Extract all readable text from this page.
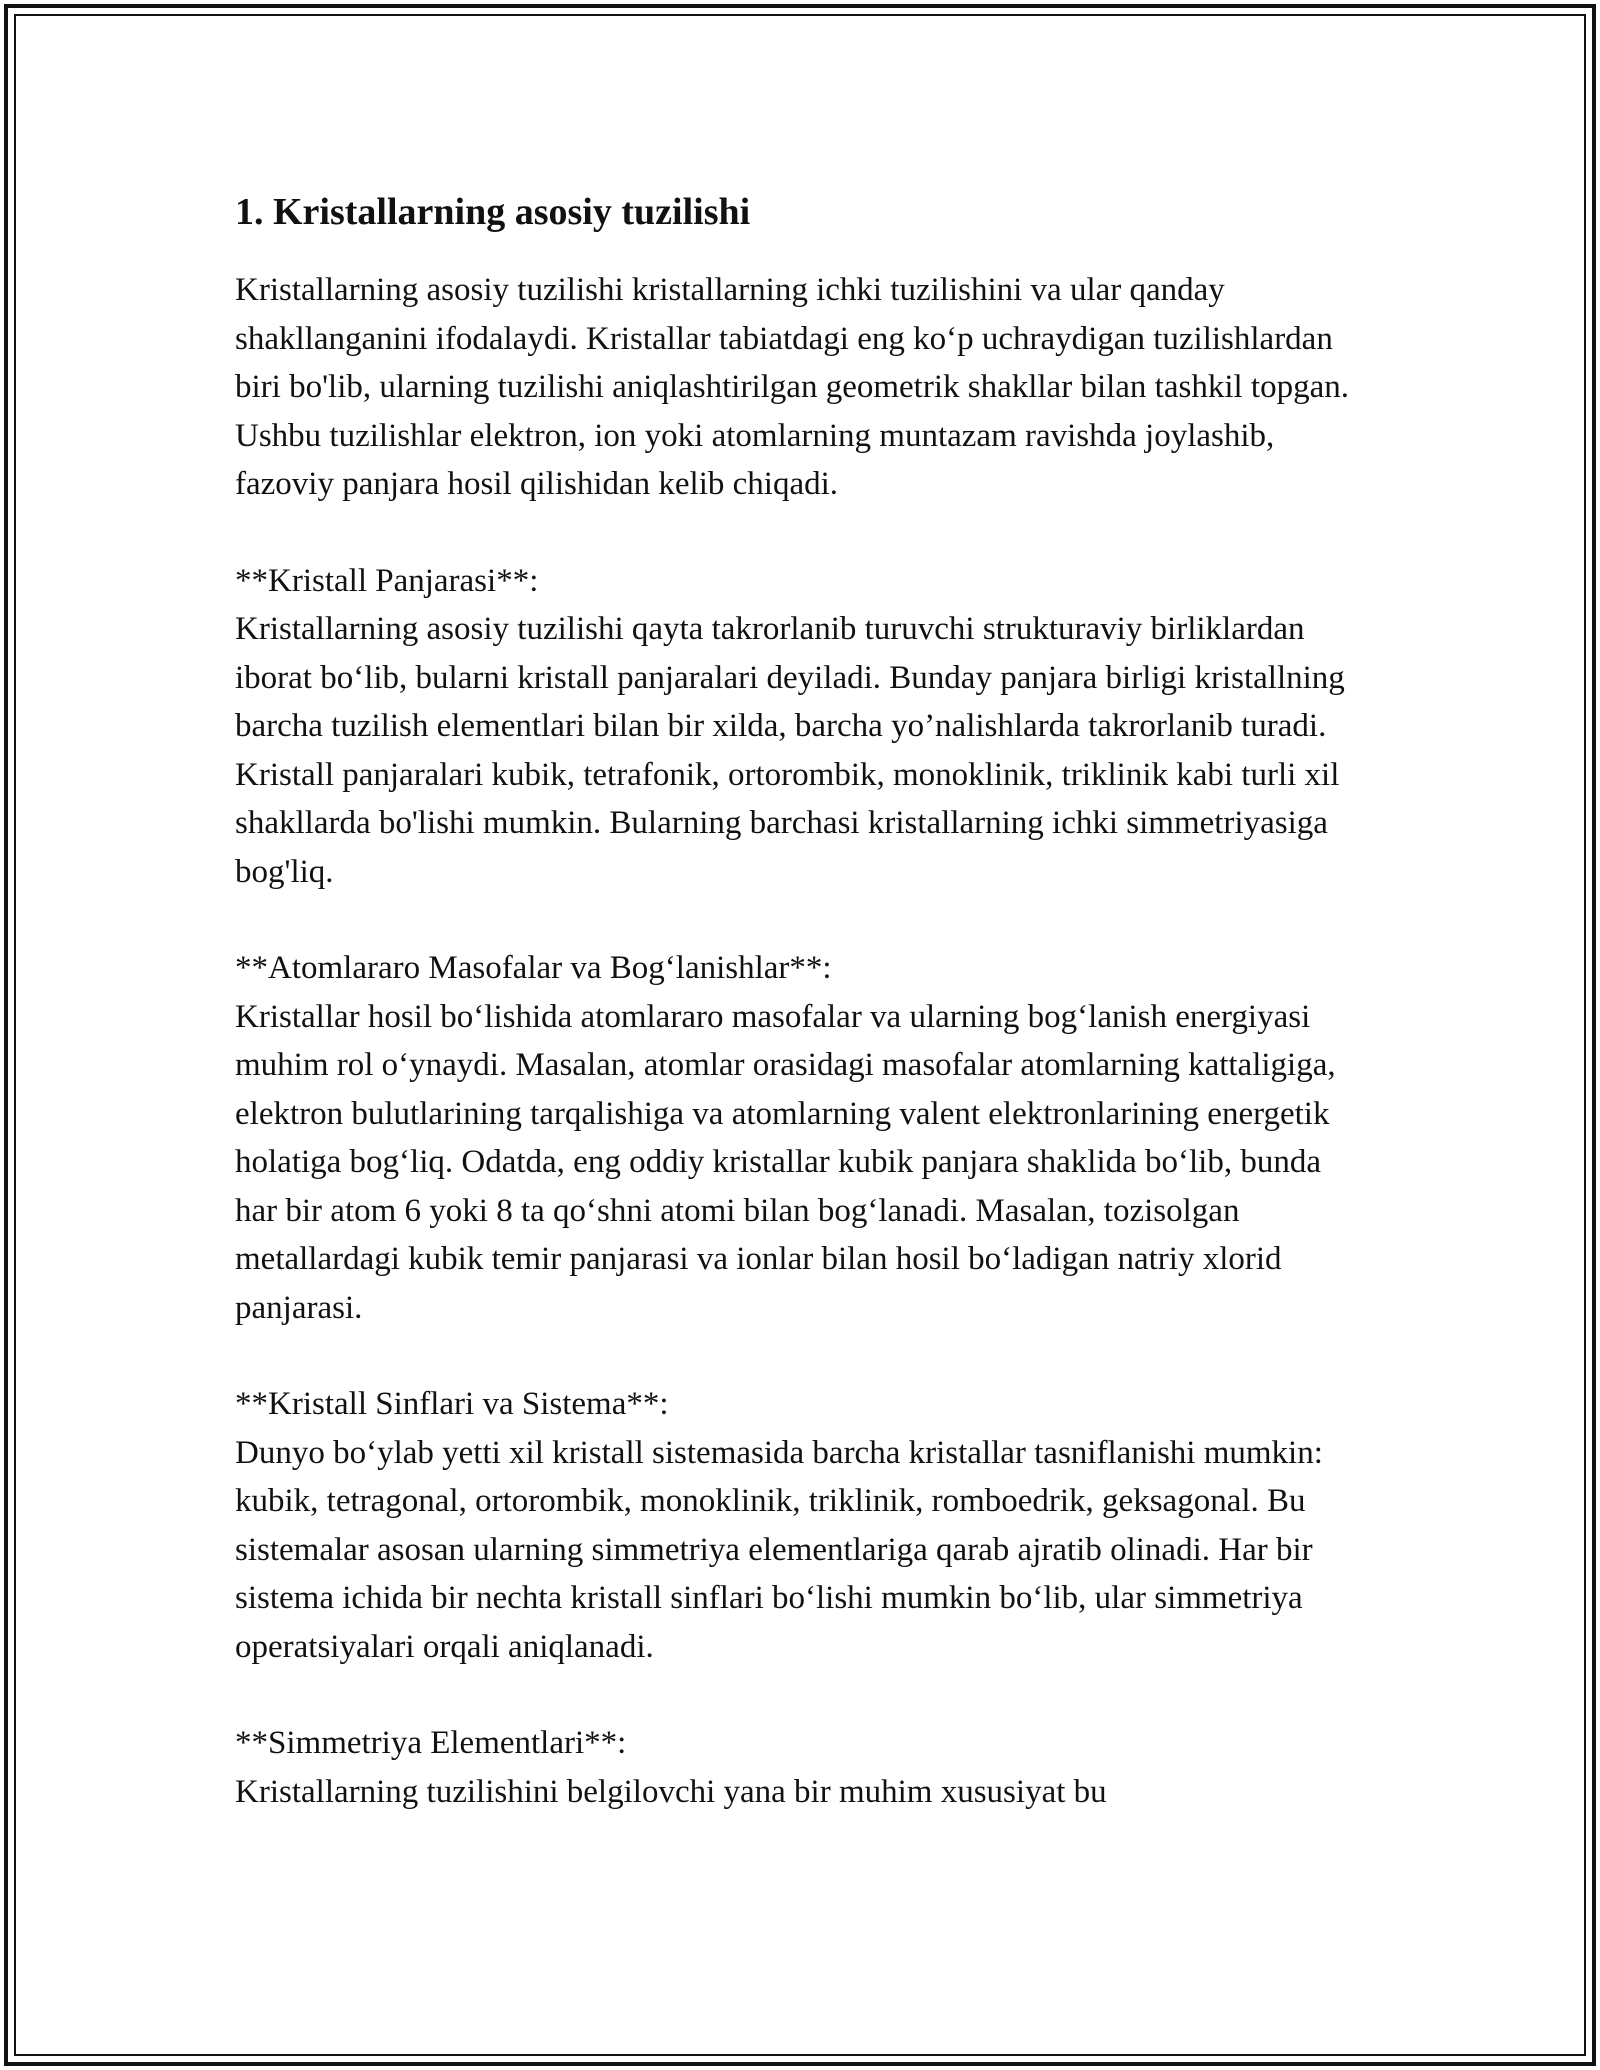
1. Kristallarning asosiy tuzilishi

Kristallarning asosiy tuzilishi kristallarning ichki tuzilishini va ular qanday shakllanganini ifodalaydi. Kristallar tabiatdagi eng ko‘p uchraydigan tuzilishlardan biri bo'lib, ularning tuzilishi aniqlashtirilgan geometrik shakllar bilan tashkil topgan. Ushbu tuzilishlar elektron, ion yoki atomlarning muntazam ravishda joylashib, fazoviy panjara hosil qilishidan kelib chiqadi.

**Kristall Panjarasi**:
Kristallarning asosiy tuzilishi qayta takrorlanib turuvchi strukturaviy birliklardan iborat bo‘lib, bularni kristall panjaralari deyiladi. Bunday panjara birligi kristallning barcha tuzilish elementlari bilan bir xilda, barcha yo’nalishlarda takrorlanib turadi. Kristall panjaralari kubik, tetrafonik, ortorombik, monoklinik, triklinik kabi turli xil shakllarda bo'lishi mumkin. Bularning barchasi kristallarning ichki simmetriyasiga bog'liq.

**Atomlararo Masofalar va Bog‘lanishlar**:
Kristallar hosil bo‘lishida atomlararo masofalar va ularning bog‘lanish energiyasi muhim rol o‘ynaydi. Masalan, atomlar orasidagi masofalar atomlarning kattaligiga, elektron bulutlarining tarqalishiga va atomlarning valent elektronlarining energetik holatiga bog‘liq. Odatda, eng oddiy kristallar kubik panjara shaklida bo‘lib, bunda har bir atom 6 yoki 8 ta qo‘shni atomi bilan bog‘lanadi. Masalan, tozisolgan metallardagi kubik temir panjarasi va ionlar bilan hosil bo‘ladigan natriy xlorid panjarasi.

**Kristall Sinflari va Sistema**:
Dunyo bo‘ylab yetti xil kristall sistemasida barcha kristallar tasniflanishi mumkin: kubik, tetragonal, ortorombik, monoklinik, triklinik, romboedrik, geksagonal. Bu sistemalar asosan ularning simmetriya elementlariga qarab ajratib olinadi. Har bir sistema ichida bir nechta kristall sinflari bo‘lishi mumkin bo‘lib, ular simmetriya operatsiyalari orqali aniqlanadi.

**Simmetriya Elementlari**:
Kristallarning tuzilishini belgilovchi yana bir muhim xususiyat bu
